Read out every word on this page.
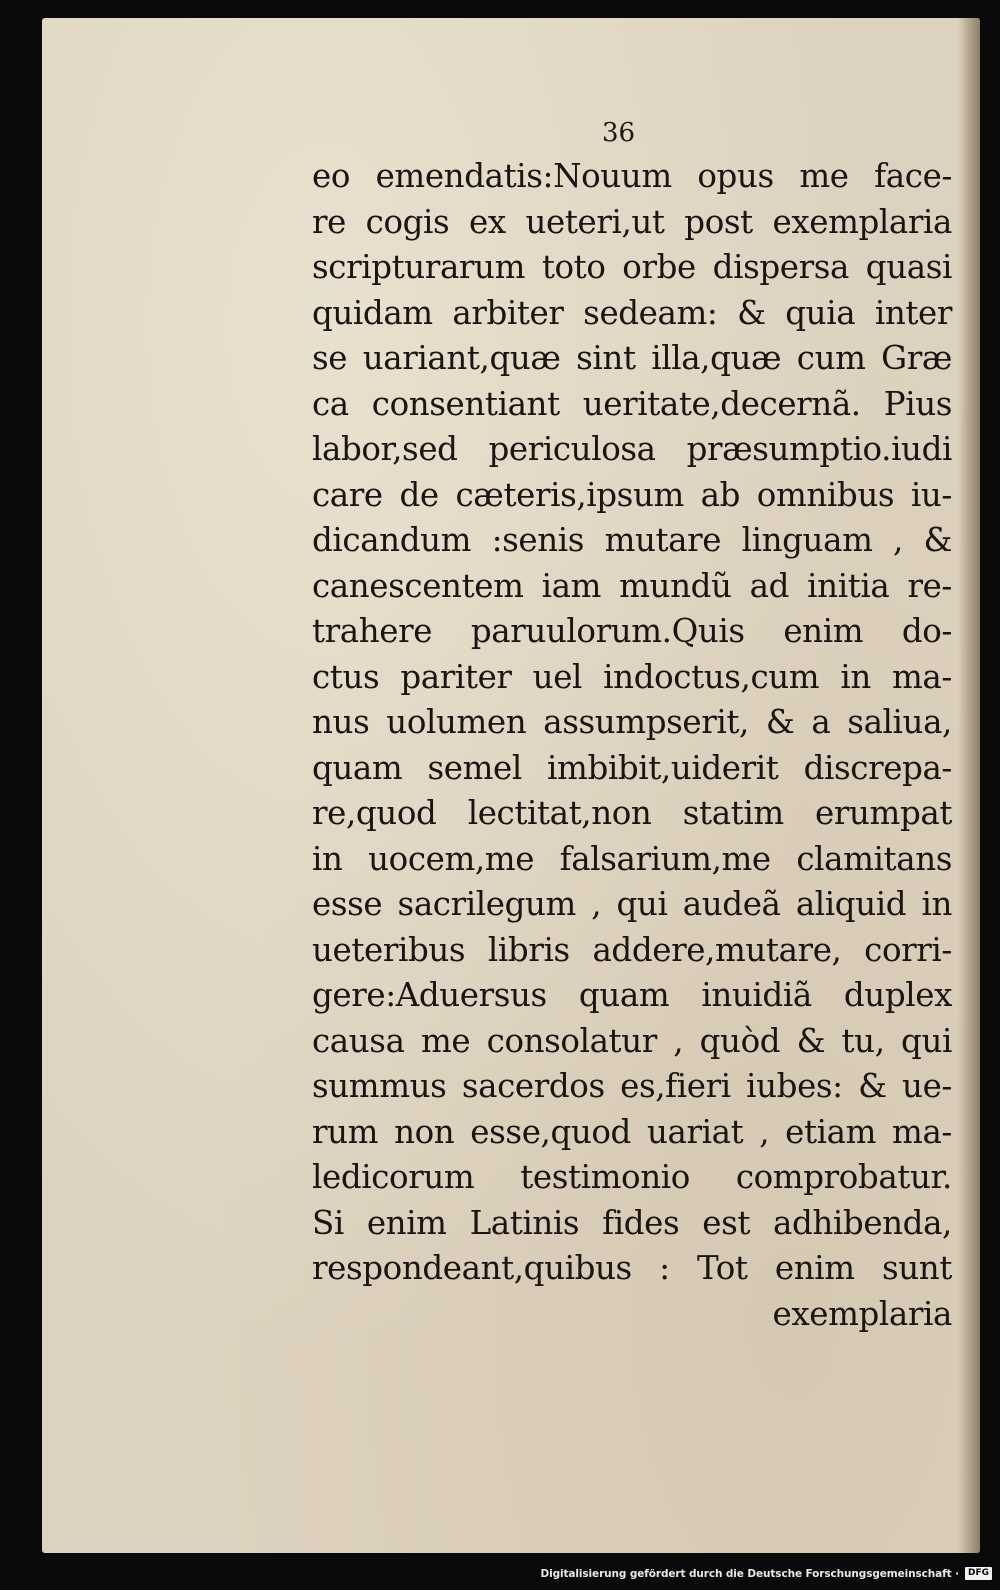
36
eo emendatis:Nouum opus me face-
re cogis ex ueteri,ut post exemplaria
scripturarum toto orbe dispersa quasi
quidam arbiter sedeam: & quia inter
se uariant,quæ sint illa,quæ cum Græ
ca consentiant ueritate,decernã. Pius
labor,sed periculosa præsumptio.iudi
care de cæteris,ipsum ab omnibus iu-
dicandum :senis mutare linguam , &
canescentem iam mundũ ad initia re-
trahere paruulorum.Quis enim do-
ctus pariter uel indoctus,cum in ma-
nus uolumen assumpserit, & a saliua,
quam semel imbibit,uiderit discrepa-
re,quod lectitat,non statim erumpat
in uocem,me falsarium,me clamitans
esse sacrilegum , qui audeã aliquid in
ueteribus libris addere,mutare, corri-
gere:Aduersus quam inuidiã duplex
causa me consolatur , quòd & tu, qui
summus sacerdos es,fieri iubes: & ue-
rum non esse,quod uariat , etiam ma-
ledicorum testimonio comprobatur.
Si enim Latinis fides est adhibenda,
respondeant,quibus : Tot enim sunt
exemplaria
Digitalisierung gefördert durch die Deutsche Forschungsgemeinschaft ·	DFG
